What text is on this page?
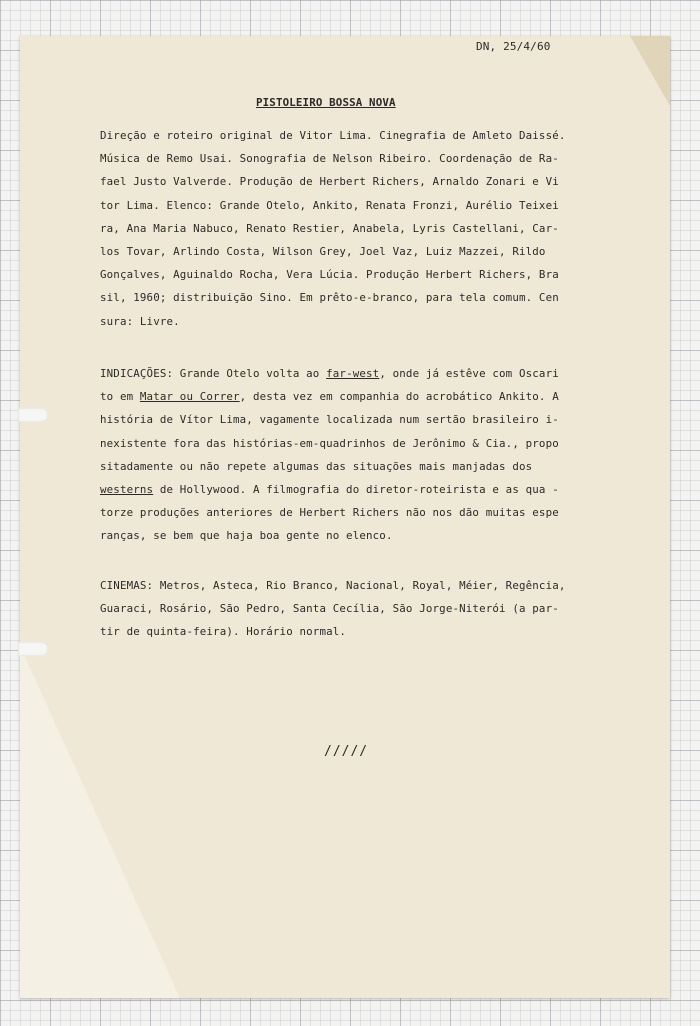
DN, 25/4/60
PISTOLEIRO BOSSA NOVA
Direção e roteiro original de Vitor Lima. Cinegrafia de Amleto Daissé.
Música de Remo Usai. Sonografia de Nelson Ribeiro. Coordenação de Ra-
fael Justo Valverde. Produção de Herbert Richers, Arnaldo Zonari e Vi
tor Lima. Elenco: Grande Otelo, Ankito, Renata Fronzi, Aurélio Teixei
ra, Ana Maria Nabuco, Renato Restier, Anabela, Lyris Castellani, Car-
los Tovar, Arlindo Costa, Wilson Grey, Joel Vaz, Luiz Mazzei, Rildo
Gonçalves, Aguinaldo Rocha, Vera Lúcia. Produção Herbert Richers, Bra
sil, 1960; distribuição Sino. Em prêto-e-branco, para tela comum. Cen
sura: Livre.
INDICAÇÕES: Grande Otelo volta ao far-west, onde já estêve com Oscari
to em Matar ou Correr, desta vez em companhia do acrobático Ankito. A
história de Vítor Lima, vagamente localizada num sertão brasileiro i-
nexistente fora das histórias-em-quadrinhos de Jerônimo & Cia., propo
sitadamente ou não repete algumas das situações mais manjadas dos
westerns de Hollywood. A filmografia do diretor-roteirista e as qua -
torze produções anteriores de Herbert Richers não nos dão muitas espe
ranças, se bem que haja boa gente no elenco.
CINEMAS: Metros, Asteca, Rio Branco, Nacional, Royal, Méier, Regência,
Guaraci, Rosário, São Pedro, Santa Cecília, São Jorge-Niterói (a par-
tir de quinta-feira). Horário normal.
/////
